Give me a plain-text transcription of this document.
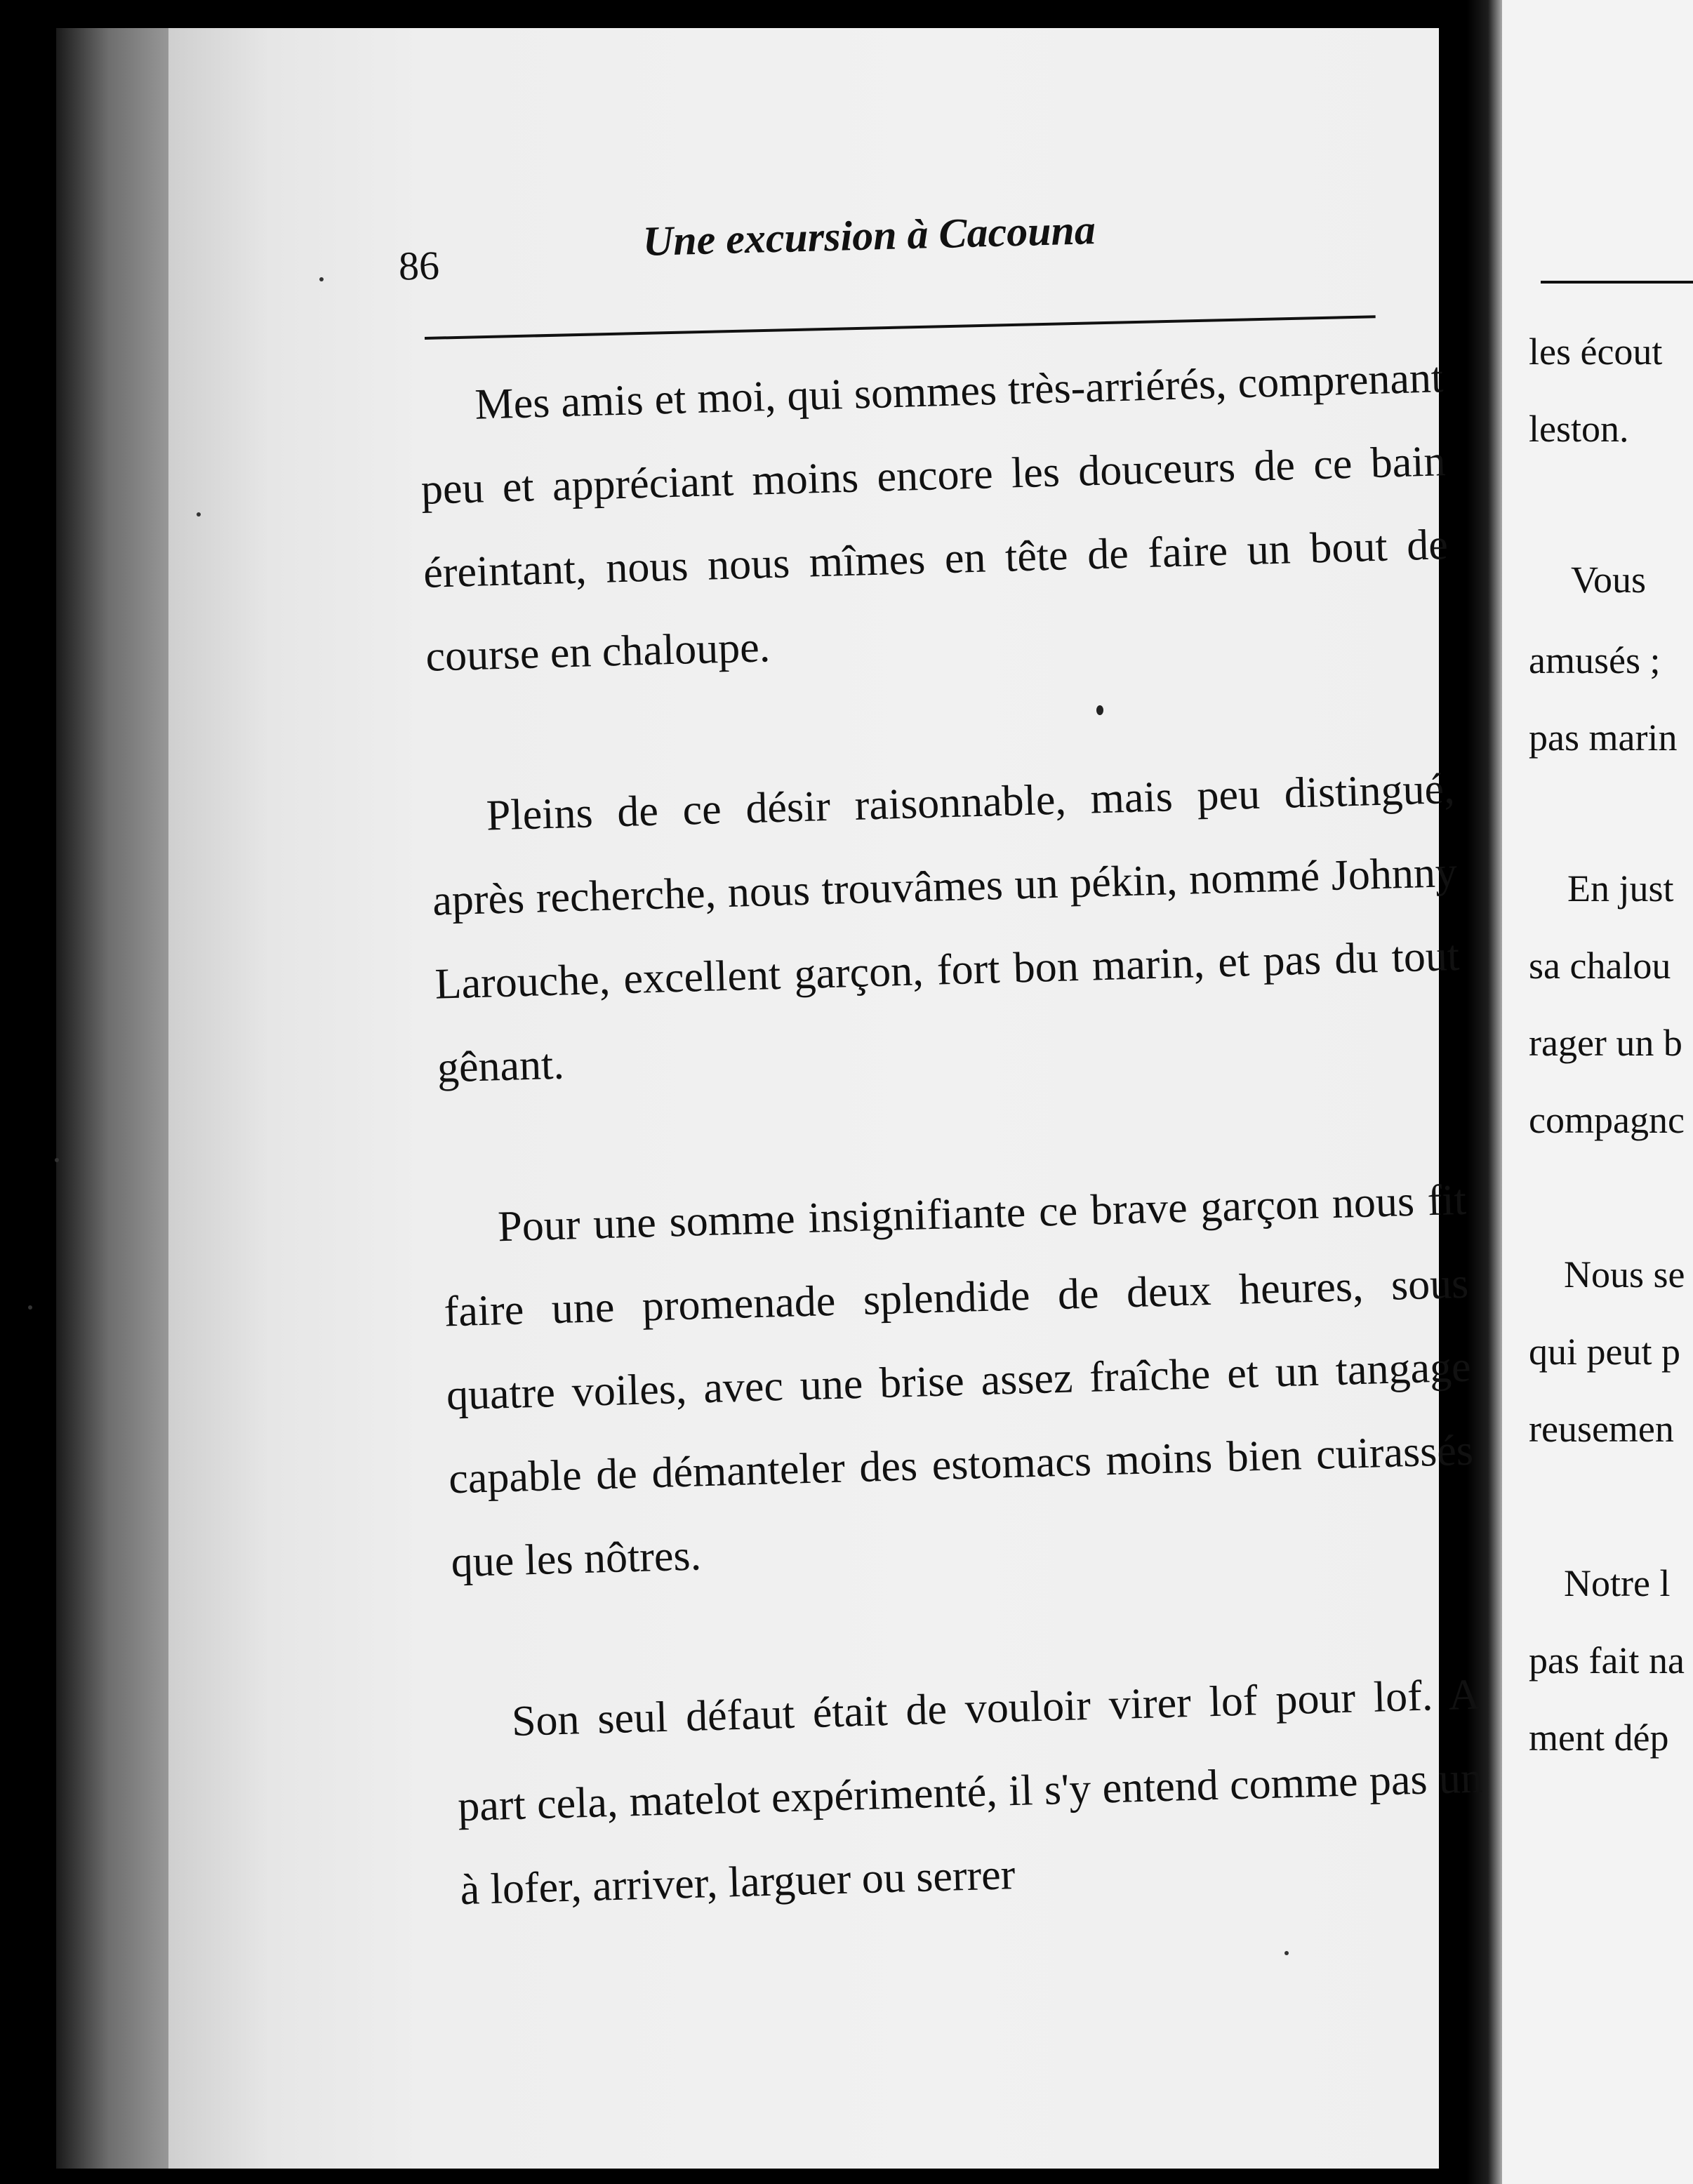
86
Une excursion à Cacouna

Mes amis et moi, qui sommes très-arriérés, comprenant peu et appréciant moins encore les douceurs de ce bain éreintant, nous nous mîmes en tête de faire un bout de course en chaloupe.

Pleins de ce désir raisonnable, mais peu distingué, après recherche, nous trouvâmes un pékin, nommé Johnny Larouche, excellent garçon, fort bon marin, et pas du tout gênant.

Pour une somme insignifiante ce brave garçon nous fit faire une promenade splendide de deux heures, sous quatre voiles, avec une brise assez fraîche et un tangage capable de démanteler des estomacs moins bien cuirassés que les nôtres.

Son seul défaut était de vouloir virer lof pour lof. A part cela, matelot expérimenté, il s'y entend comme pas un à lofer, arriver, larguer ou serrer

les écout
leston.
Vous
amusés ;
pas marin
En just
sa chalou
rager un b
compagnc
Nous se
qui peut p
reusemen
Notre l
pas fait na
ment dép
